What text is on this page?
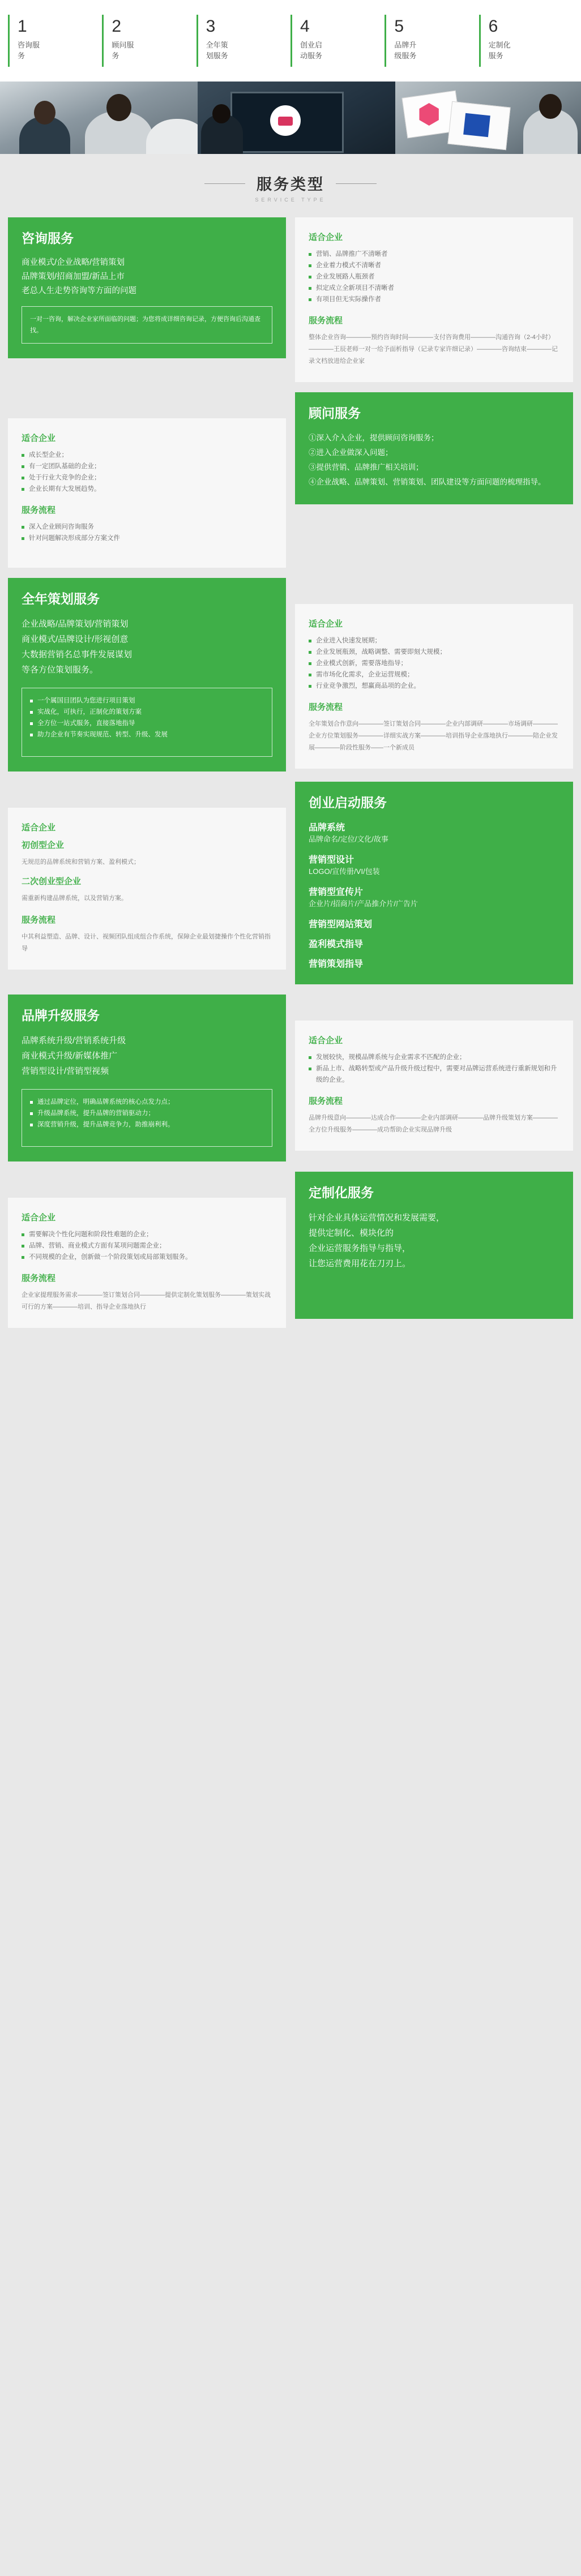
1
咨询服务
2
顾问服务
3
全年策划服务
4
创业启动服务
5
品牌升级服务
6
定制化服务
服务类型
SERVICE TYPE
咨询服务
商业模式/企业战略/营销策划
品牌策划/招商加盟/新品上市
老总人生走势咨询等方面的问题
一对一咨询，解决企业家所面临的问题；为您将成详细咨询记录，方便咨询后沟通查找。
适合企业
营销、品牌推广不清晰者
企业着力模式不清晰者
企业发展路人瓶颈者
拟定成立全新项目不清晰者
有项目但无实际操作者
服务流程
整体企业咨询————预约咨询时间————支付咨询费用————沟通咨询（2-4小时）————王辰老师一对一给予面析指导（记录专家许细记录）————咨询结束————记录文档放进给企业家
适合企业
成长型企业；
有一定团队基础的企业；
处于行业大竞争的企业；
企业长期有大发展趋势。
服务流程
深入企业顾问咨询服务
针对问题解决形成部分方案文件
顾问服务
①深入介入企业，提供顾问咨询服务；
②进入企业做深入问题；
③提供营销、品牌推广相关培训；
④企业战略、品牌策划、营销策划、团队建设等方面问题的梳理指导。
全年策划服务
企业战略/品牌策划/营销策划
商业模式/品牌设计/形视创意
大数据营销名总事件发展谋划
等各方位策划服务。
一个属国目团队为您进行项目策划
实战化，可执行，正制化的策划方案
全方位一站式服务，直接落地指导
助力企业有节奏实现规范、转型、升级、发展
适合企业
企业进入快速发展期；
企业发展瓶颈，战略调整、需要即刻大规模；
企业模式创新，需要落地指导；
需市场化化需求，企业运营规模；
行业竞争激烈，想赢商品项的企业。
服务流程
全年策划合作意向————签订策划合同————企业内部调研————市场调研————企业方位策划服务————详细实战方案————培训指导企业落地执行————陪企业发展————阶段性服务——一个新成员
适合企业
初创型企业
无规范的品牌系统和营销方案、盈利模式；
二次创业型企业
需重新构建品牌系统，以及营销方案。
服务流程
中其利益塑造、品牌、设计、视频团队组成组合作系统，保障企业最划捷操作个性化营销指导
创业启动服务
品牌系统
品牌命名/定位/文化/故事
营销型设计
LOGO/宣传册/VI/包装
营销型宣传片
企业片/招商片/产品推介片/广告片
营销型网站策划
盈利模式指导
营销策划指导
品牌升级服务
品牌系统升级/营销系统升级
商业模式升级/新媒体推广
营销型设计/营销型视频
通过品牌定位，明确品牌系统的核心点发力点；
升级品牌系统，提升品牌的营销驱动力；
深度营销升级，提升品牌竞争力，助推崩利利。
适合企业
发展较快，规模品牌系统与企业需求不匹配的企业；
新品上市、战略转型或产品升级升级过程中，需要对品牌运营系统进行重新规划和升级的企业。
服务流程
品牌升级意向————达成合作————企业内部调研————品牌升级策划方案————全方位升级服务————成功帮助企业实现品牌升级
适合企业
需要解决个性化问题和阶段性难题的企业；
品牌、营销、商业模式方面有某项问题需企业；
不同规模的企业，创新做一个阶段策划或局部策划服务。
服务流程
企业家提理服务需求————签订策划合同————提供定制化策划服务————策划实战可行的方案————培训、指导企业落地执行
定制化服务
针对企业具体运营情况和发展需要，
提供定制化、模块化的
企业运营服务指导与指导，
让您运营费用花在刀刃上。
